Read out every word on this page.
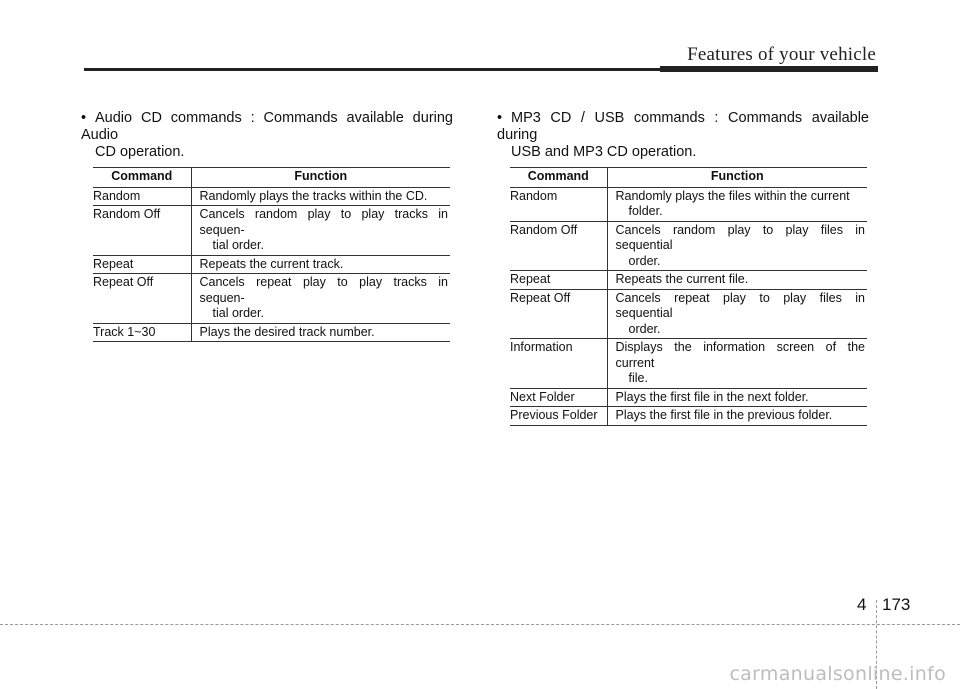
Features of your vehicle
• Audio CD commands : Commands available during Audio
CD operation.
• MP3 CD / USB commands : Commands available during
USB and MP3 CD operation.
Command	Function
Random	Randomly plays the tracks within the CD.
Random Off	Cancels random play to play tracks in sequen-
tial order.

Repeat	Repeats the current track.
Repeat Off	Cancels repeat play to play tracks in sequen-
tial order.

Track 1~30	Plays the desired track number.
Command	Function
Random	Randomly plays the files within the current
folder.

Random Off	Cancels random play to play files in sequential
order.

Repeat	Repeats the current file.
Repeat Off	Cancels repeat play to play files in sequential
order.

Information	Displays the information screen of the current
file.

Next Folder	Plays the first file in the next folder.
Previous Folder	Plays the first file in the previous folder.
4 173
carmanualsonline.info
